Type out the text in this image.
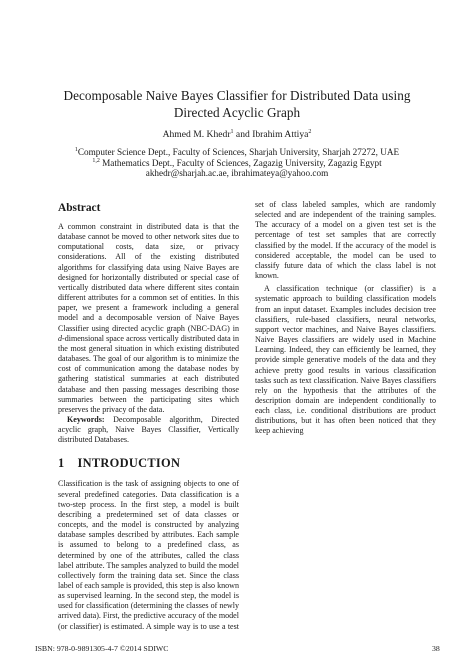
Decomposable Naive Bayes Classifier for Distributed Data using
Directed Acyclic Graph
Ahmed M. Khedr$^1$ and Ibrahim Attiya$^2$
$^1$Computer Science Dept., Faculty of Sciences, Sharjah University, Sharjah 27272, UAE
$^{1,2}$ Mathematics Dept., Faculty of Sciences, Zagazig University, Zagazig Egypt
akhedr@sharjah.ac.ae, ibrahimateya@yahoo.com
Abstract

A common constraint in distributed data is that the database cannot be moved to other network sites due to computational costs, data size, or privacy considerations. All of the existing distributed algorithms for classifying data using Naive Bayes are designed for horizontally distributed or special case of vertically distributed data where different sites contain different attributes for a common set of entities. In this paper, we present a framework including a general model and a decomposable version of Naive Bayes Classifier using directed acyclic graph (NBC-DAG) in d-dimensional space across vertically distributed data in the most general situation in which existing distributed databases. The goal of our algorithm is to minimize the cost of communication among the database nodes by gathering statistical summaries at each distributed database and then passing messages describing those summaries between the participating sites which preserves the privacy of the data.

Keywords: Decomposable algorithm, Directed acyclic graph, Naive Bayes Classifier, Vertically distributed Databases.

1 INTRODUCTION

Classification is the task of assigning objects to one of several predefined categories. Data classification is a two-step process. In the first step, a model is built describing a predetermined set of data classes or concepts, and the model is constructed by analyzing database samples described by attributes. Each sample is assumed to belong to a predefined class, as determined by one of the attributes, called the class label attribute. The samples analyzed to build the model collectively form the training data set. Since the class label of each sample is provided, this step is also known as supervised learning. In the second step, the model is used for classification (determining the classes of newly arrived data). First, the predictive accuracy of the model (or classifier) is estimated. A simple way is to use a test

set of class labeled samples, which are randomly selected and are independent of the training samples. The accuracy of a model on a given test set is the percentage of test set samples that are correctly classified by the model. If the accuracy of the model is considered acceptable, the model can be used to classify future data of which the class label is not known.

A classification technique (or classifier) is a systematic approach to building classification models from an input dataset. Examples includes decision tree classifiers, rule-based classifiers, neural networks, support vector machines, and Naive Bayes classifiers. Naive Bayes classifiers are widely used in Machine Learning. Indeed, they can efficiently be learned, they provide simple generative models of the data and they achieve pretty good results in various classification tasks such as text classification. Naive Bayes classifiers rely on the hypothesis that the attributes of the description domain are independent conditionally to each class, i.e. conditional distributions are product distributions, but it has often been noticed that they keep achieving

ISBN: 978-0-9891305-4-7 ©2014 SDIWC	38
